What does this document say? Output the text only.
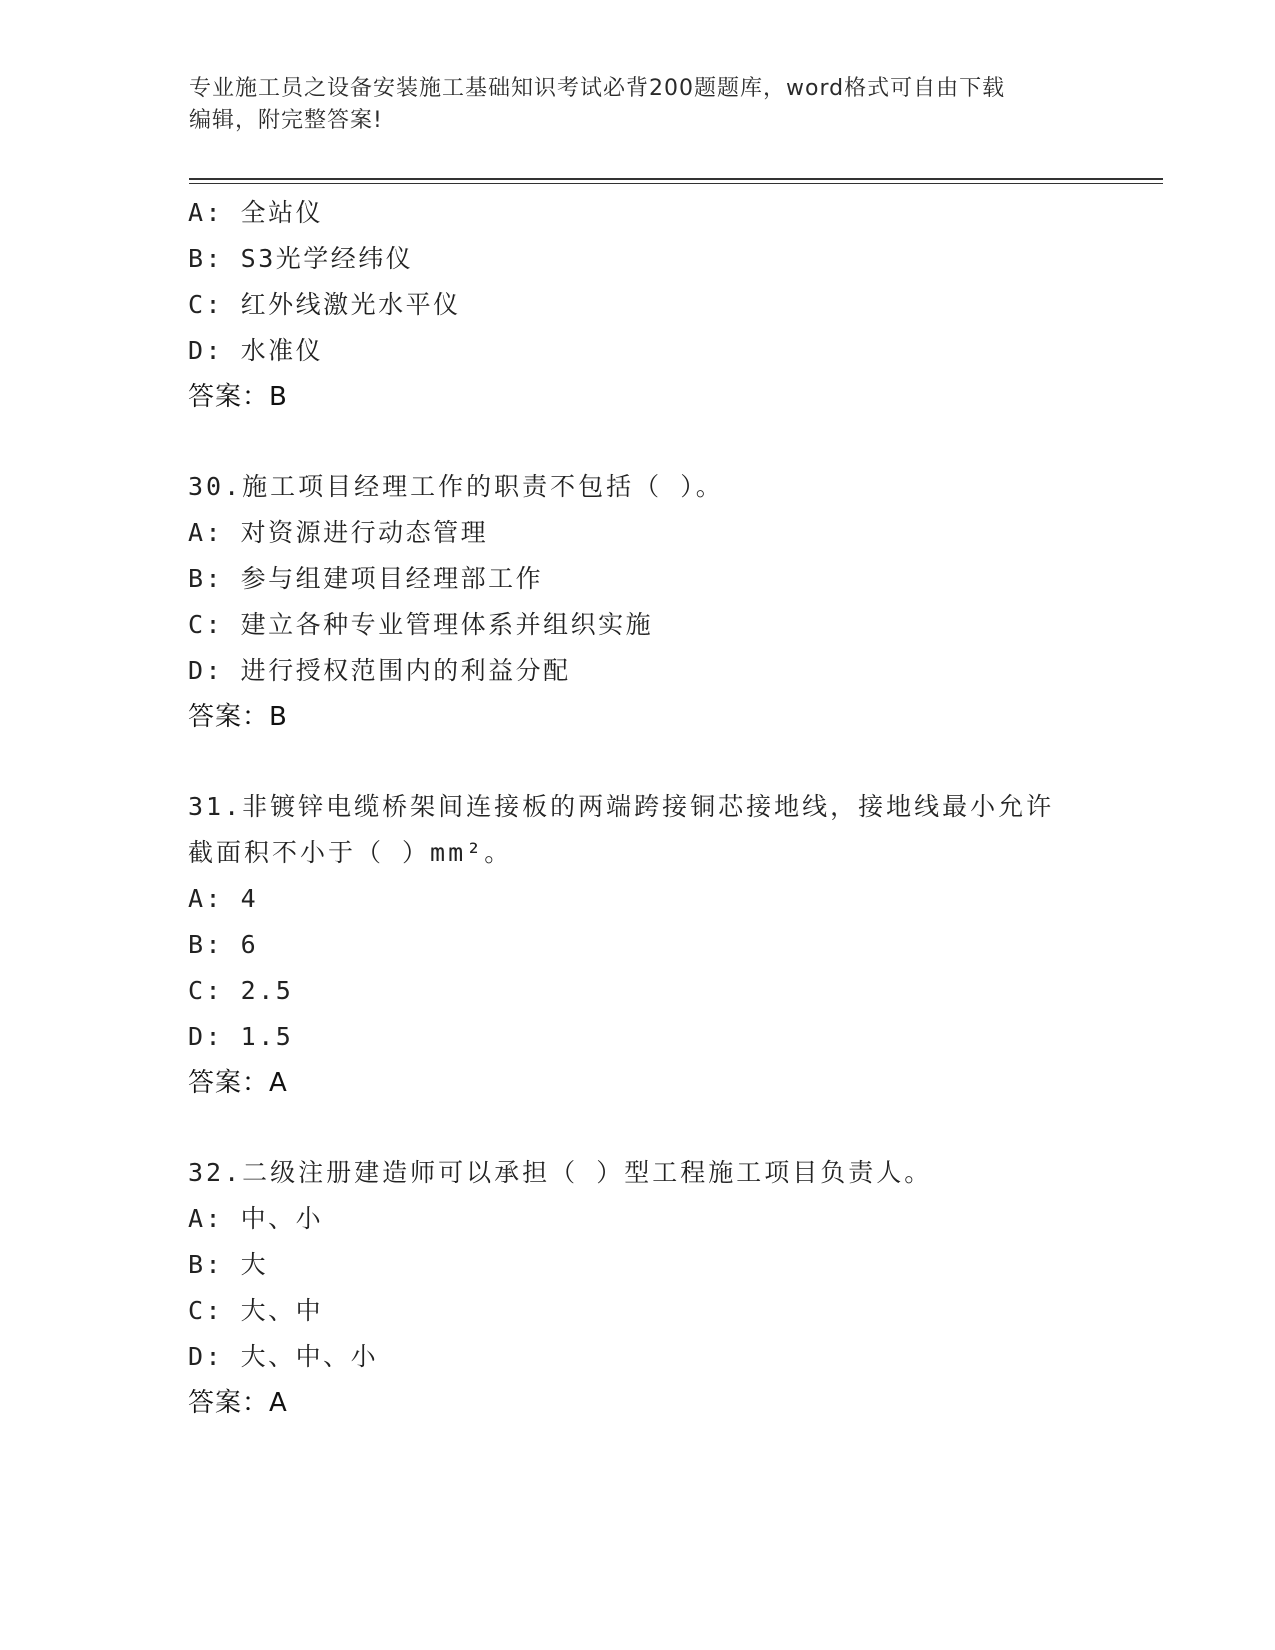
专业施工员之设备安装施工基础知识考试必背200题题库，word格式可自由下载
编辑，附完整答案!
A: 全站仪
B: S3光学经纬仪
C: 红外线激光水平仪
D: 水准仪
答案：B
30.施工项目经理工作的职责不包括（ ）。
A: 对资源进行动态管理
B: 参与组建项目经理部工作
C: 建立各种专业管理体系并组织实施
D: 进行授权范围内的利益分配
答案：B
31.非镀锌电缆桥架间连接板的两端跨接铜芯接地线，接地线最小允许
截面积不小于（ ）mm²。
A: 4
B: 6
C: 2.5
D: 1.5
答案：A
32.二级注册建造师可以承担（ ）型工程施工项目负责人。
A: 中、小
B: 大
C: 大、中
D: 大、中、小
答案：A
